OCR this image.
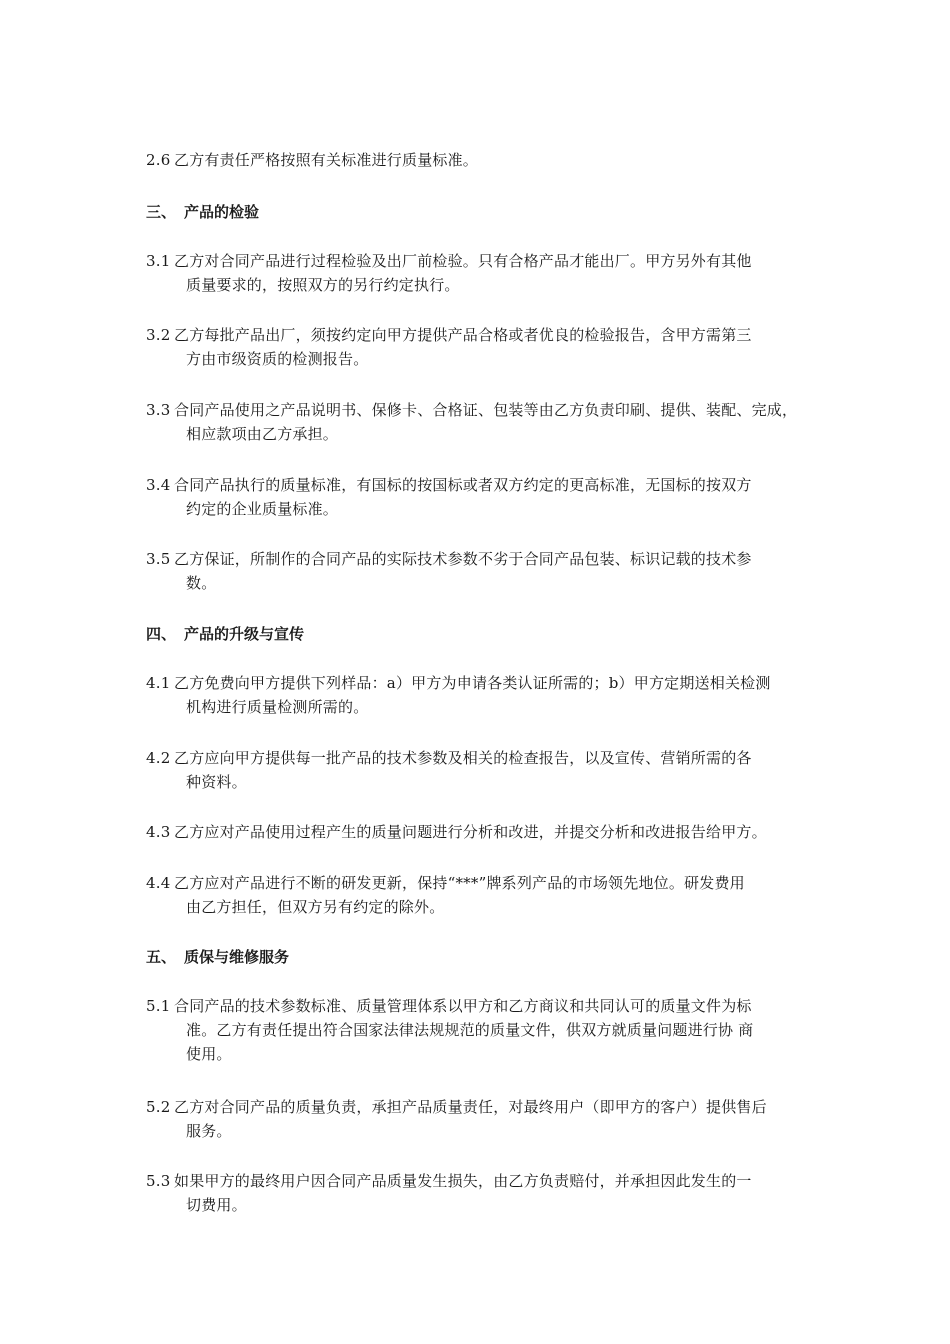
2.6 乙方有责任严格按照有关标准进行质量标准。
三、 产品的检验
3.1 乙方对合同产品进行过程检验及出厂前检验。只有合格产品才能出厂。甲方另外有其他
质量要求的，按照双方的另行约定执行。
3.2 乙方每批产品出厂，须按约定向甲方提供产品合格或者优良的检验报告，含甲方需第三
方由市级资质的检测报告。
3.3 合同产品使用之产品说明书、保修卡、合格证、包装等由乙方负责印刷、提供、装配、完成，
相应款项由乙方承担。
3.4 合同产品执行的质量标准，有国标的按国标或者双方约定的更高标准，无国标的按双方
约定的企业质量标准。
3.5 乙方保证，所制作的合同产品的实际技术参数不劣于合同产品包装、标识记载的技术参
数。
四、 产品的升级与宣传
4.1 乙方免费向甲方提供下列样品：a）甲方为申请各类认证所需的；b）甲方定期送相关检测
机构进行质量检测所需的。
4.2 乙方应向甲方提供每一批产品的技术参数及相关的检查报告，以及宣传、营销所需的各
种资料。
4.3 乙方应对产品使用过程产生的质量问题进行分析和改进，并提交分析和改进报告给甲方。
4.4 乙方应对产品进行不断的研发更新，保持“***”牌系列产品的市场领先地位。研发费用
由乙方担任，但双方另有约定的除外。
五、 质保与维修服务
5.1 合同产品的技术参数标准、质量管理体系以甲方和乙方商议和共同认可的质量文件为标
准。乙方有责任提出符合国家法律法规规范的质量文件，供双方就质量问题进行协 商
使用。
5.2 乙方对合同产品的质量负责，承担产品质量责任，对最终用户（即甲方的客户）提供售后
服务。
5.3 如果甲方的最终用户因合同产品质量发生损失，由乙方负责赔付，并承担因此发生的一
切费用。
